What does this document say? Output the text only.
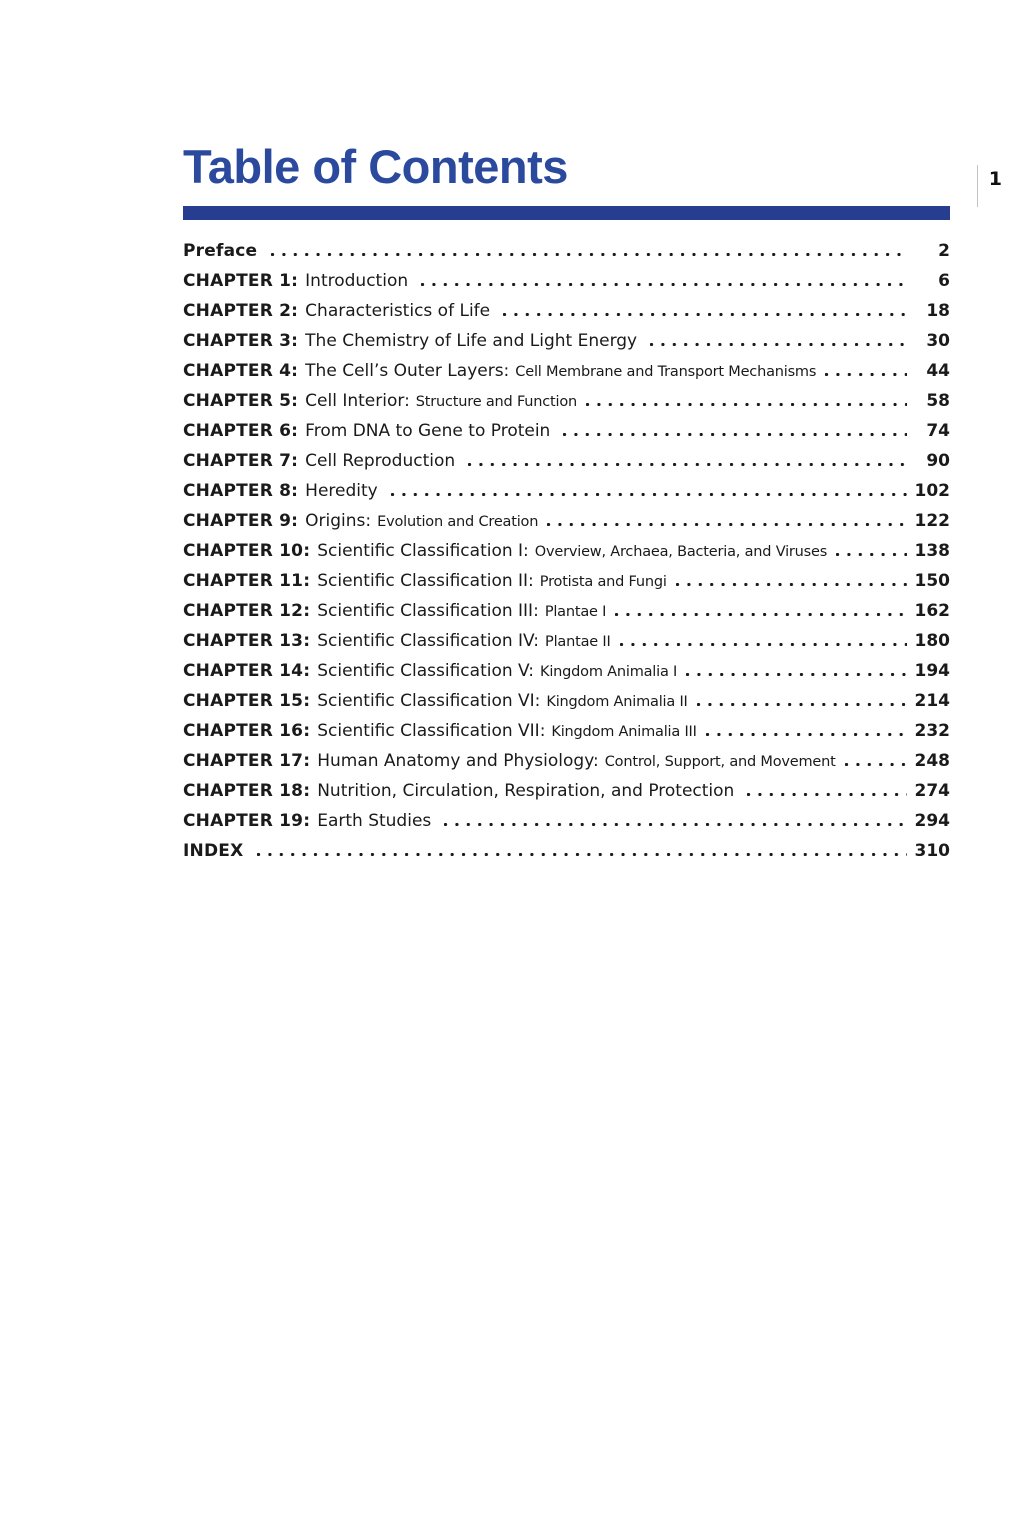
1
Table of Contents
Preface	2
CHAPTER 1: Introduction	6
CHAPTER 2: Characteristics of Life	18
CHAPTER 3: The Chemistry of Life and Light Energy	30
CHAPTER 4: The Cell’s Outer Layers: Cell Membrane and Transport Mechanisms	44
CHAPTER 5: Cell Interior: Structure and Function	58
CHAPTER 6: From DNA to Gene to Protein	74
CHAPTER 7: Cell Reproduction	90
CHAPTER 8: Heredity	102
CHAPTER 9: Origins: Evolution and Creation	122
CHAPTER 10: Scientific Classification I: Overview, Archaea, Bacteria, and Viruses	138
CHAPTER 11: Scientific Classification II: Protista and Fungi	150
CHAPTER 12: Scientific Classification III: Plantae I	162
CHAPTER 13: Scientific Classification IV: Plantae II	180
CHAPTER 14: Scientific Classification V: Kingdom Animalia I	194
CHAPTER 15: Scientific Classification VI: Kingdom Animalia II	214
CHAPTER 16: Scientific Classification VII: Kingdom Animalia III	232
CHAPTER 17: Human Anatomy and Physiology: Control, Support, and Movement	248
CHAPTER 18: Nutrition, Circulation, Respiration, and Protection	274
CHAPTER 19: Earth Studies	294
INDEX	310
